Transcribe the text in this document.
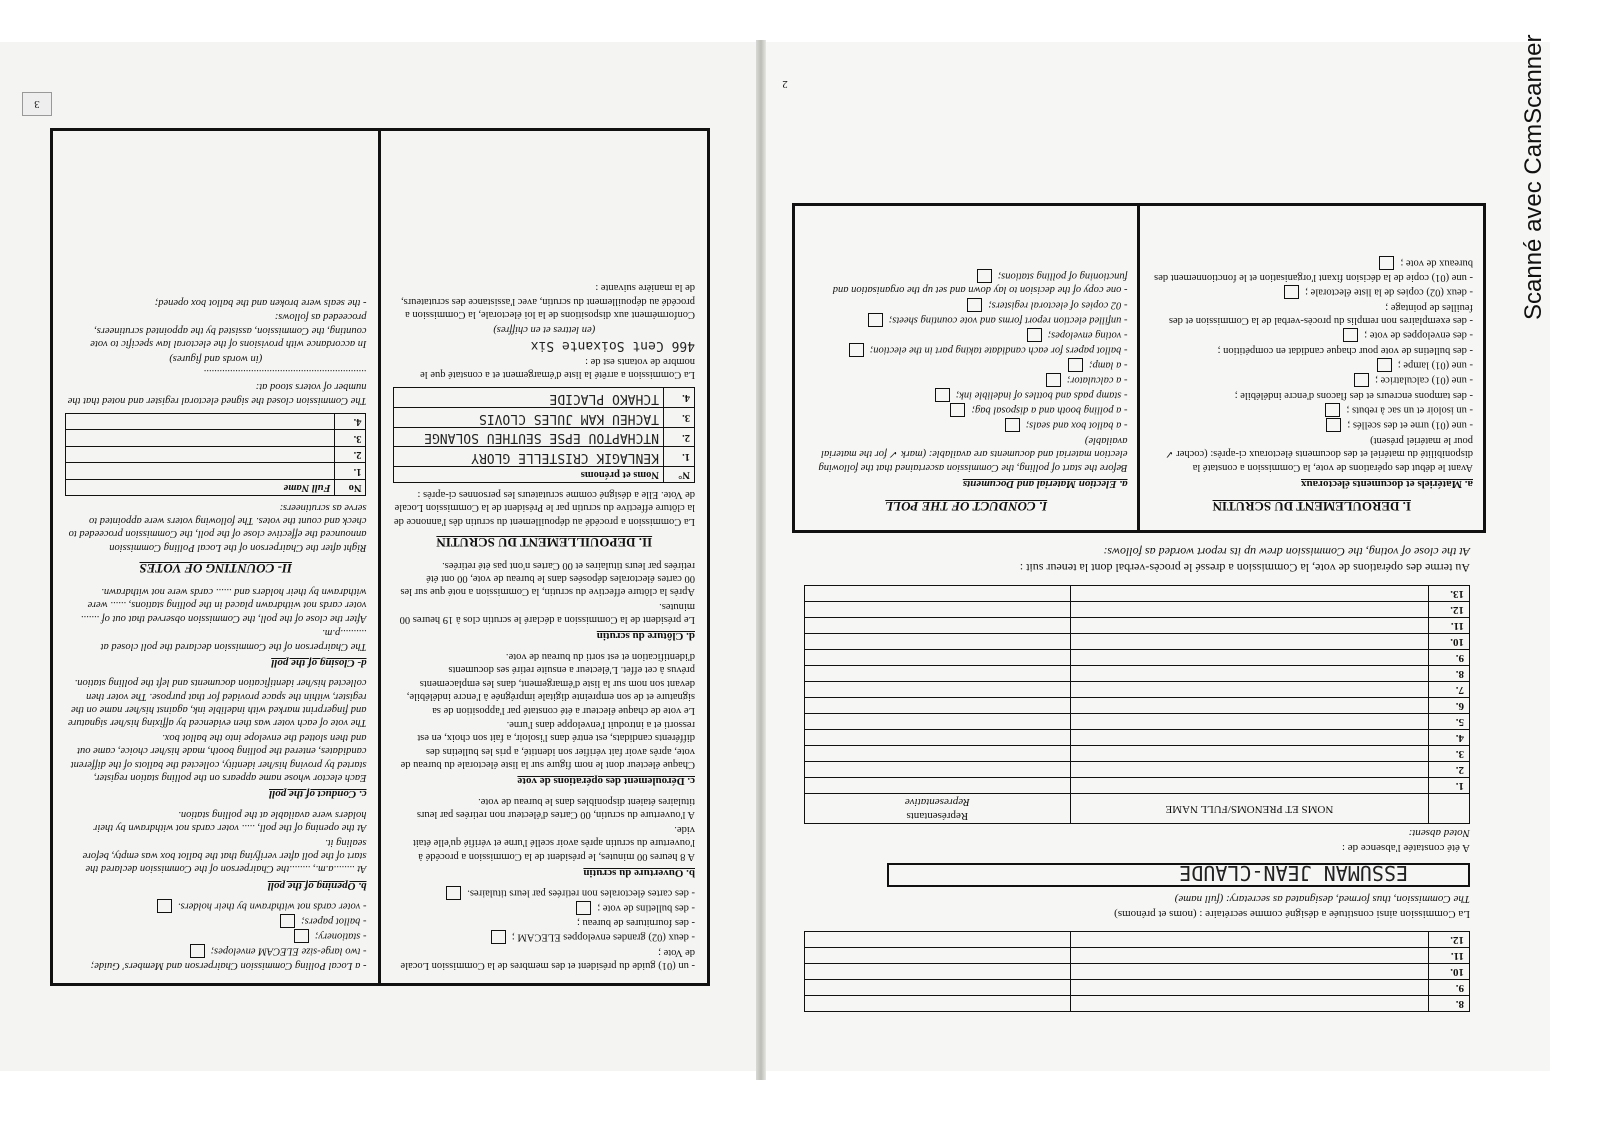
3
2
- un (01) guide du président et des membres de la Commission Locale de Vote ;
- deux (02) grandes enveloppes ELECAM ;
- des fournitures de bureau ;
- des bulletins de vote ;
- des cartes électorales non retirées par leurs titulaires.
b. Ouverture du scrutin
A 8 heures 00 minutes, le président de la Commission a procédé à l'ouverture du scrutin après avoir scellé l'urne et vérifié qu'elle était vide.
A l'ouverture du scrutin, 00 Cartes d'électeur non retirées par leurs titulaires étaient disponibles dans le bureau de vote.
c. Déroulement des opérations de vote
Chaque électeur dont le nom figure sur la liste électorale du bureau de vote, après avoir fait vérifier son identité, a pris les bulletins des différents candidats, est entré dans l'isoloir, a fait son choix, en est ressorti et a introduit l'enveloppe dans l'urne.
Le vote de chaque électeur a été constaté par l'apposition de sa signature et de son empreinte digitale imprégnée à l'encre indélébile, devant son nom sur la liste d'émargement, dans les emplacements prévus à cet effet. L'électeur a ensuite retiré ses documents d'identification et est sorti du bureau de vote.
d. Clôture du scrutin
Le président de la Commission a déclaré le scrutin clos à 19 heures 00 minutes.
Après la clôture effective du scrutin, la Commission a noté que sur les 00 cartes électorales déposées dans le bureau de vote, 00 ont été retirées par leurs titulaires et 00 Cartes n'ont pas été retirées.
II. DEPOUILLEMENT DU SCRUTIN
La Commission a procédé au dépouillement du scrutin dès l'annonce de la clôture effective du scrutin par le Président de la Commission Locale de Vote. Elle a désigné comme scrutateurs les personnes ci-après :
N°	Noms et prénoms
1.	KENLAGIK CRISTELLE GLORY
2.	NTCHAPTOU EPSE SEUTHEU SOLANGE
3.	TACHEU KAM JULES CLOVIS
4.	TCHAKO PLACIDE
La Commission a arrêté la liste d'émargement et a constaté que le nombre de votants est de :
466 Cent Soixante Six
(en lettres et en chiffres)
Conformément aux dispositions de la loi électorale, la Commission a procédé au dépouillement du scrutin, avec l'assistance des scrutateurs, de la manière suivante :
- a Local Polling Commission Chairperson and Members' Guide;
- two large-size ELECAM envelopes;
- stationery;
- ballot papers;
- voter cards not withdrawn by their holders.
b. Opening of the poll
At ........a.m., ........the Chairperson of the Commission declared the start of the poll after verifying that the ballot box was empty, before sealing it.
At the opening of the poll, ..... voter cards not withdrawn by their holders were available at the polling station.
c. Conduct of the poll
Each elector whose name appears on the polling station register, started by proving his/her identity, collected the ballots of the different candidates, entered the polling booth, made his/her choice, came out and then slotted the envelope into the ballot box.
The vote of each voter was then evidenced by affixing his/her signature and fingerprint marked with indelible ink, against his/her name on the register, within the space provided for that purpose. The voter then collected his/her identification documents and left the polling station.
d- Closing of the poll
The Chairperson of the Commission declared the poll closed at ..........p.m.
After the close of the poll, the Commission observed that out of ....... voter cards not withdrawn placed in the polling stations, ...... were withdrawn by their holders and ...... cards were not withdrawn.
II- COUNTING OF VOTES
Right after the Chairperson of the Local Polling Commission announced the effective close of the poll, the Commission proceeded to check and count the votes. The following voters were appointed to serve as scrutineers:
No	Full Name
1.	
2.	
3.	
4.	
The Commission closed the signed electoral register and noted that the number of voters stood at:
..............................................................
(in words and figures)
In accordance with provisions of the electoral law specific to vote counting, the Commission, assisted by the appointed scrutineers, proceeded as follows:
- the seals were broken and the ballot box opened;
8.		
9.		
10.		
11.		
12.		
La Commission ainsi constituée a désigné comme secrétaire : (noms et prénoms)
The Commission, thus formed, designated as secretary: (full name)
ESSUMAN JEAN-CLAUDE
A été constatée l'absence de :
Noted absent:
	NOMS ET PRENOMS/FULL NAME	Représentants
Representative
1.		
2.		
3.		
4.		
5.		
6.		
7.		
8.		
9.		
10.		
11.		
12.		
13.		
Au terme des opérations de vote, la Commission a dressé le procès-verbal dont la teneur suit :
At the close of voting, the Commission drew up its report worded as follows:
I. DEROULEMENT DU SCRUTIN
a. Matériels et documents électoraux
Avant le début des opérations de vote, la Commission a constaté la disponibilité du matériel et des documents électoraux ci-après: (cocher ✓ pour le matériel présent)
- une (01) urne et des scellés ;
- un isoloir et un sac à rebuts ;
- des tampons encreurs et des flacons d'encre indélébile ;
- une (01) calculatrice ;
- une (01) lampe ;
- des bulletins de vote pour chaque candidat en compétition ;
- des enveloppes de vote ;
- des exemplaires non remplis du procès-verbal de la Commission et des feuilles de pointage ;
- deux (02) copies de la liste électorale ;
- une (01) copie de la décision fixant l'organisation et le fonctionnement des bureaux de vote ;
I. CONDUCT OF THE POLL
a. Election Material and Documents
Before the start of polling, the Commission ascertained that the following election material and documents are available: (mark ✓ for the material available)
- a ballot box and seals;
- a polling booth and a disposal bag;
- stamp pads and bottles of indelible ink;
- a calculator;
- a lamp;
- ballot papers for each candidate taking part in the election;
- voting envelopes;
- unfilled election report forms and vote counting sheets;
- 02 copies of electoral registers;
- one copy of the decision to lay down and set up the organisation and functioning of polling stations;	Scanné avec CamScanner
